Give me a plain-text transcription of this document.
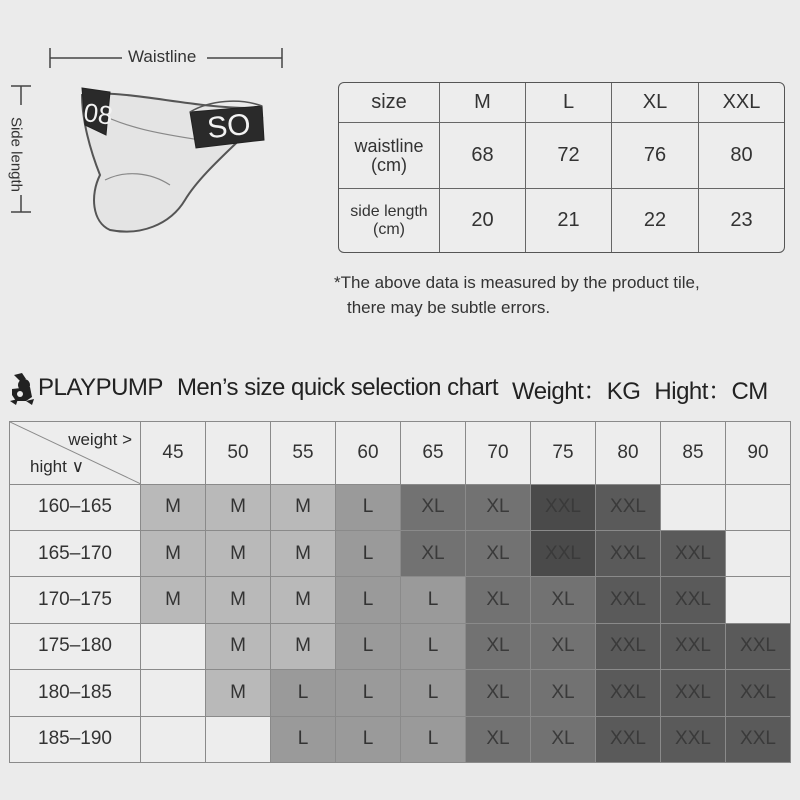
08	SO
Waistline
Side length
size	M	L	XL	XXL

waistline
(cm)	68	72	76	80

side length
(cm)	20	21	22	23
*The above data is measured by the product tile,
there may be subtle errors.
PLAYPUMP Men’s size quick selection chart Weight：KG Hight：CM
weight >
hight ∨	45	50	55	60	65	70	75	80	85	90
160–165	M	M	M	L	XL	XL	XXL	XXL		
165–170	M	M	M	L	XL	XL	XXL	XXL	XXL	
170–175	M	M	M	L	L	XL	XL	XXL	XXL	
175–180		M	M	L	L	XL	XL	XXL	XXL	XXL
180–185		M	L	L	L	XL	XL	XXL	XXL	XXL
185–190			L	L	L	XL	XL	XXL	XXL	XXL
